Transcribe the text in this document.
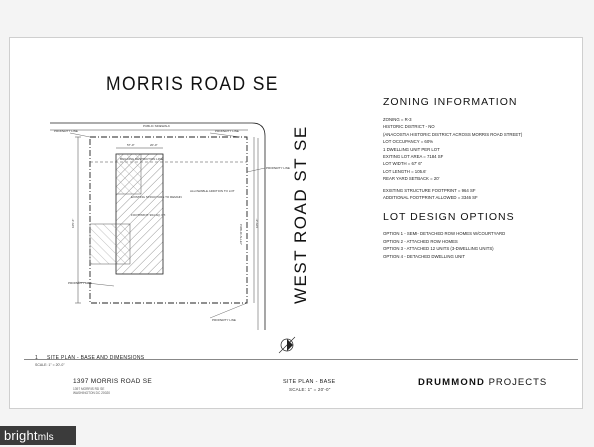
PROPERTY LINE
PUBLIC SIDEWALK
PROPERTY LINE
PROPERTY LINE
BUILDING RESTRICTION LINE
ALLOWABLE ADDITION TO LOT
EXISTING STRUCTURE TO REMAIN
FOOTPRINT: 964 SQ. FT.
PROPERTY LINE
PROPERTY LINE
57'-0"	20'-0"
PUBLIC ALLEY
105'-6"	105'-6"
MORRIS ROAD SE
WEST ROAD ST SE
ZONING INFORMATION
ZONING = R-3
HISTORIC DISTRICT - NO
(ANACOSTIA HISTORIC DISTRICT ACROSS MORRIS ROAD STREET)
LOT OCCUPANCY = 60%
1 DWELLING UNIT PER LOT
EXITING LOT AREA = 7184 SF
LOT WIDTH = 67' 6"
LOT LENGTH = 105.6'
REAR YARD SETBACK = 20'
EXISTING STRUCTURE FOOTPRINT = 964 SF
ADDITIONAL FOOTPRINT ALLOWED = 3346 SF
LOT DESIGN OPTIONS
OPTION 1 - SEMI- DETACHED ROW HOMES W/COURTYARD
OPTION 2 - ATTACHED ROW HOMES
OPTION 3 - ATTACHED 12 UNITS (3-DWELLING UNITS)
OPTION 4 - DETACHED DWELLING UNIT
1 SITE PLAN - BASE AND DIMENSIONS
SCALE: 1" = 20'-0"
1397 MORRIS ROAD SE
1397 MORRIS RD SE
WASHINGTON DC 20020
SITE PLAN - BASE
SCALE: 1" = 20'-0"
DRUMMOND PROJECTS
brightmls
